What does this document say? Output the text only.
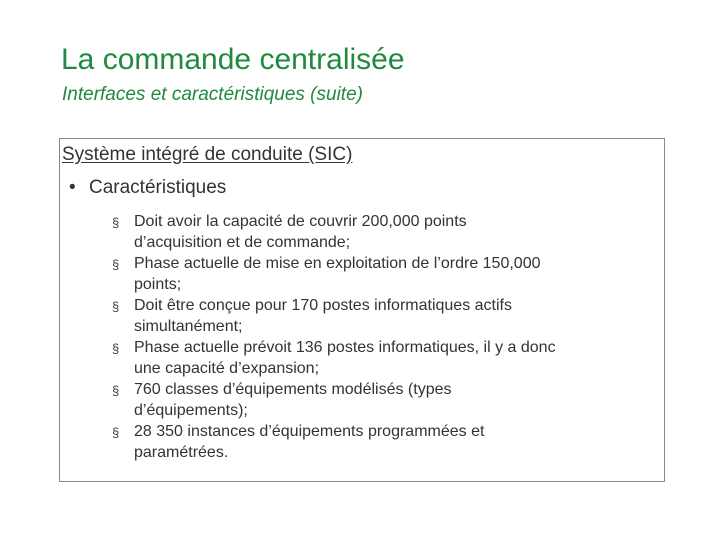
La commande centralisée
Interfaces et caractéristiques (suite)
Système intégré de conduite (SIC)
• Caractéristiques
§ Doit avoir la capacité de couvrir 200,000 points
d’acquisition et de commande;
§ Phase actuelle de mise en exploitation de l’ordre 150,000
points;
§ Doit être conçue pour 170 postes informatiques actifs
simultanément;
§ Phase actuelle prévoit 136 postes informatiques, il y a donc
une capacité d’expansion;
§ 760 classes d’équipements modélisés (types
d’équipements);
§ 28 350 instances d’équipements programmées et
paramétrées.
